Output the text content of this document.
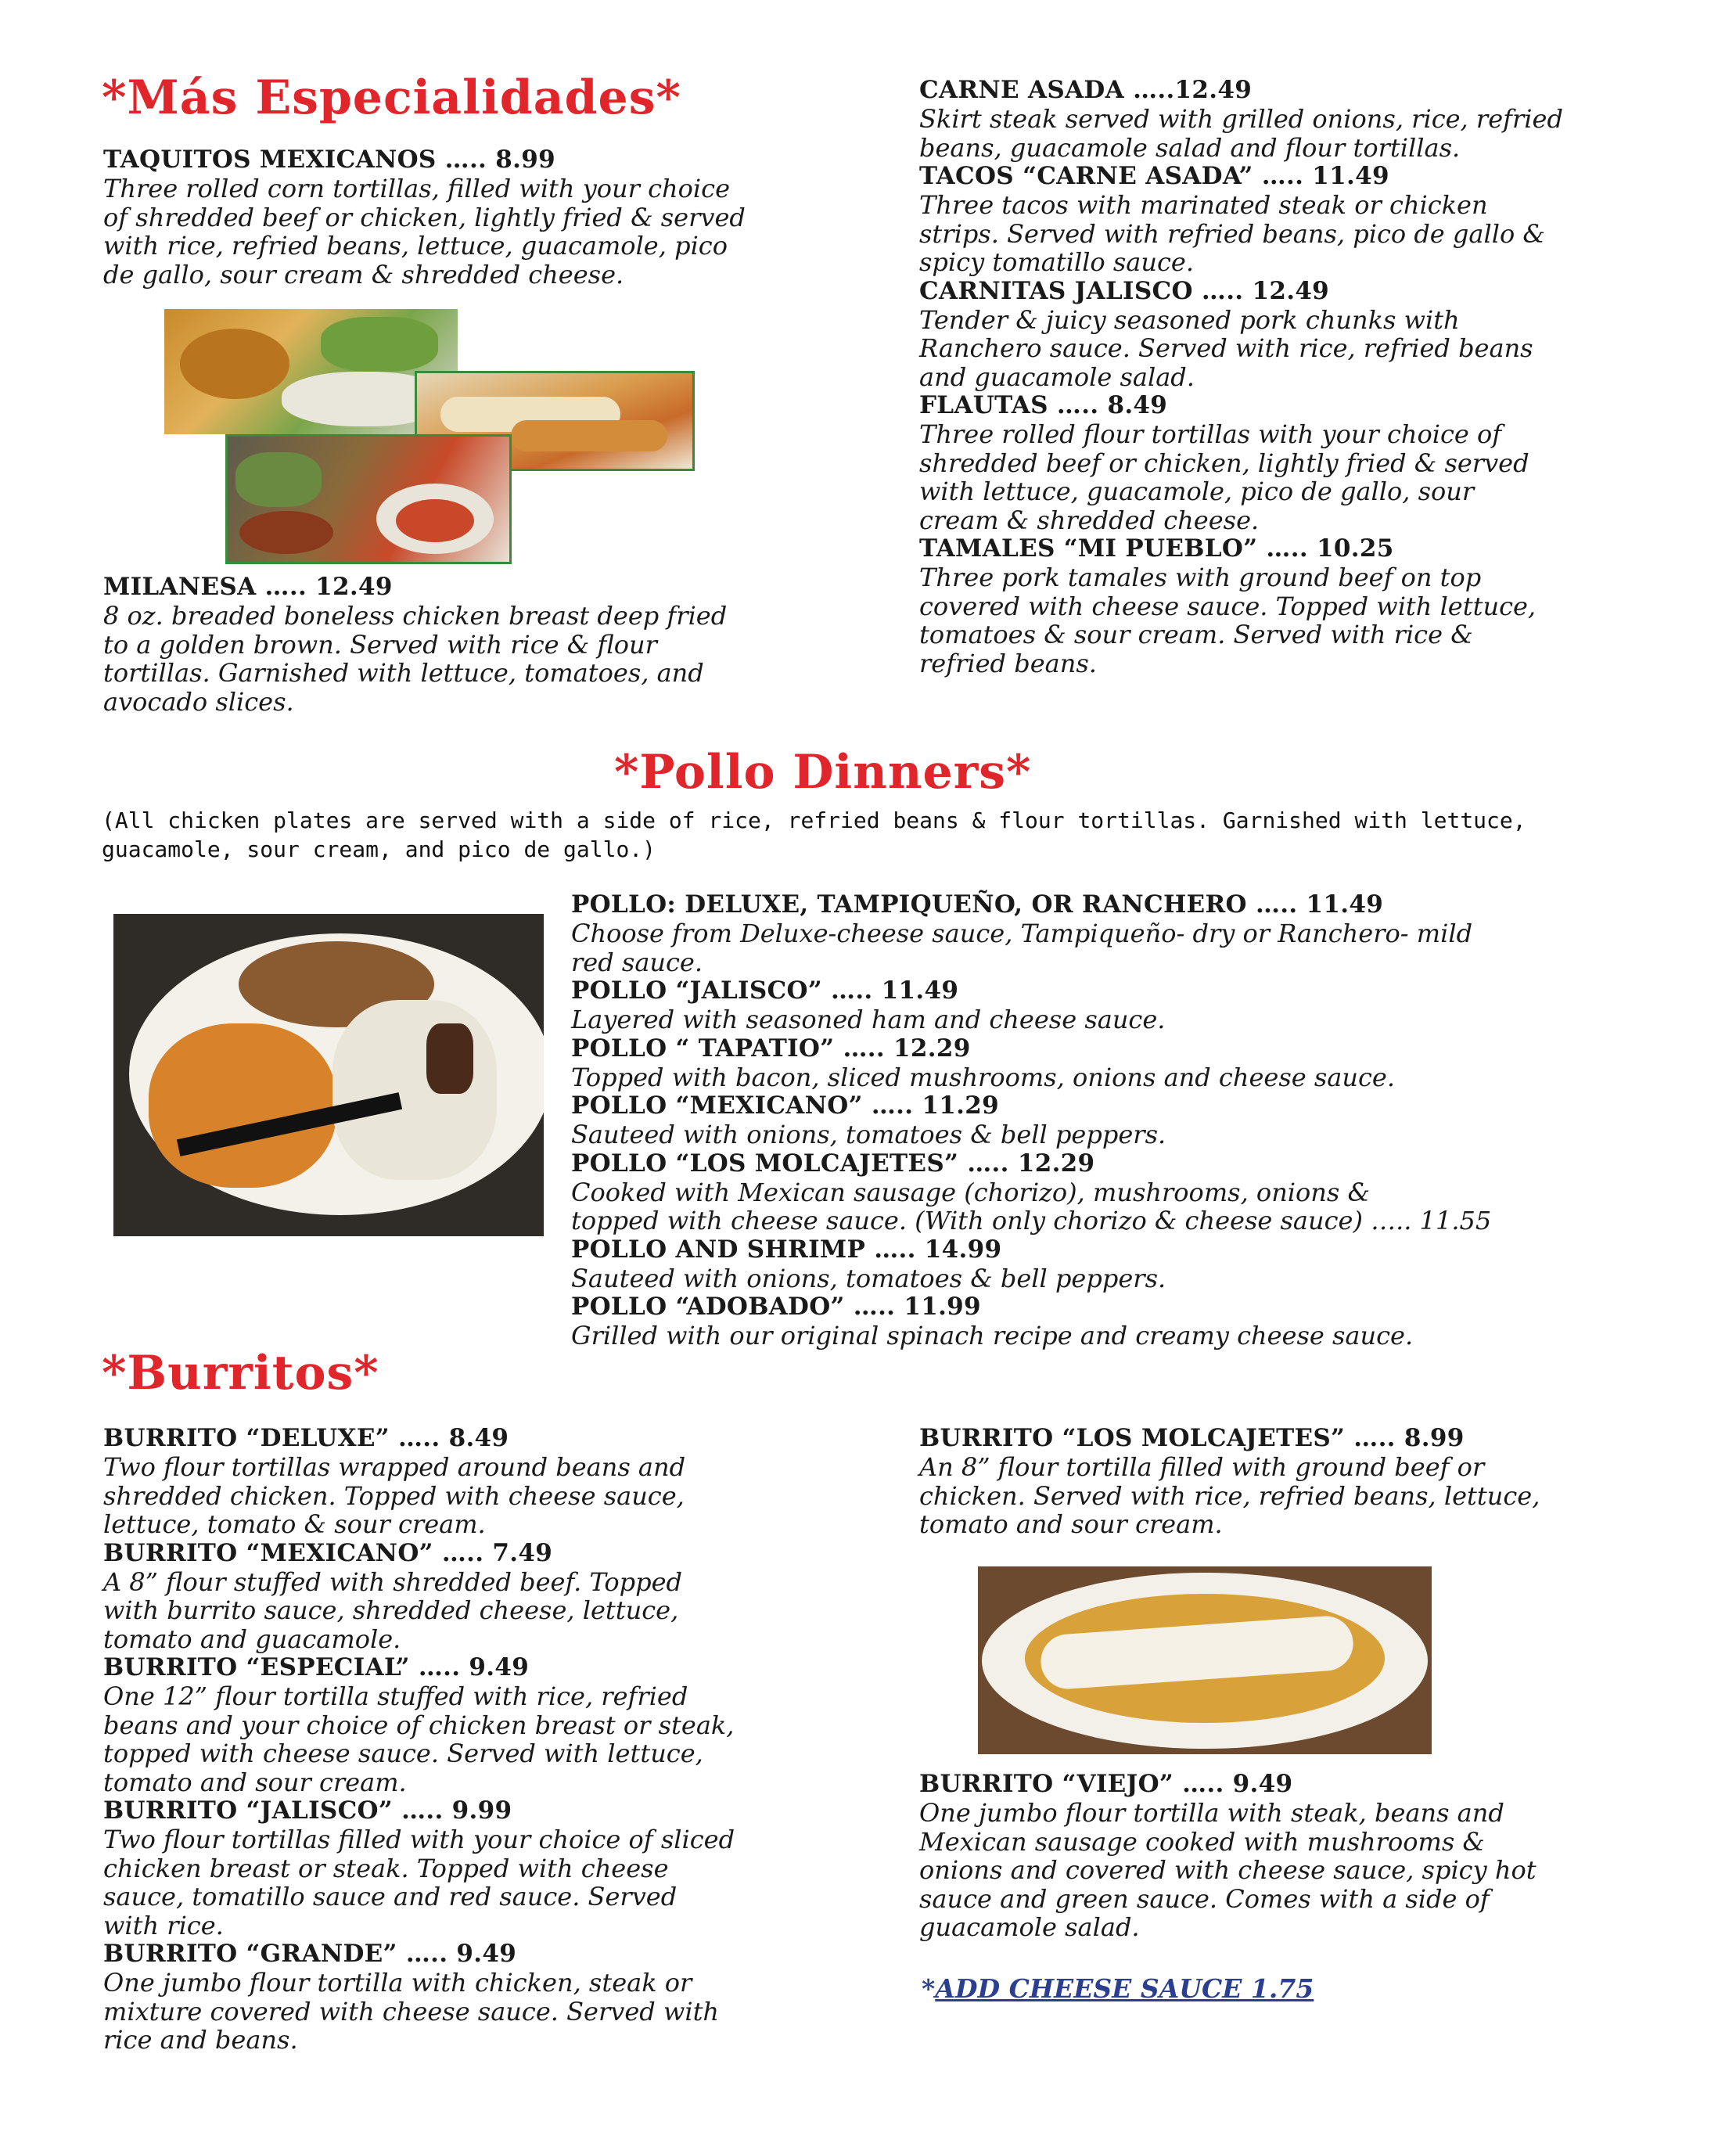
*Más Especialidades*
*Pollo Dinners*
*Burritos*
TAQUITOS MEXICANOS ….. 8.99
Three rolled corn tortillas, filled with your choice
of shredded beef or chicken, lightly fried & served
with rice, refried beans, lettuce, guacamole, pico
de gallo, sour cream & shredded cheese.
MILANESA ….. 12.49
8 oz. breaded boneless chicken breast deep fried
to a golden brown. Served with rice & flour
tortillas. Garnished with lettuce, tomatoes, and
avocado slices.
CARNE ASADA …..12.49
Skirt steak served with grilled onions, rice, refried
beans, guacamole salad and flour tortillas.
TACOS “CARNE ASADA” ….. 11.49
Three tacos with marinated steak or chicken
strips. Served with refried beans, pico de gallo &
spicy tomatillo sauce.
CARNITAS JALISCO ….. 12.49
Tender & juicy seasoned pork chunks with
Ranchero sauce. Served with rice, refried beans
and guacamole salad.
FLAUTAS ….. 8.49
Three rolled flour tortillas with your choice of
shredded beef or chicken, lightly fried & served
with lettuce, guacamole, pico de gallo, sour
cream & shredded cheese.
TAMALES “MI PUEBLO” ….. 10.25
Three pork tamales with ground beef on top
covered with cheese sauce. Topped with lettuce,
tomatoes & sour cream. Served with rice &
refried beans.
(All chicken plates are served with a side of rice, refried beans & flour tortillas. Garnished with lettuce,
guacamole, sour cream, and pico de gallo.)
POLLO: DELUXE, TAMPIQUEÑO, OR RANCHERO ….. 11.49
Choose from Deluxe-cheese sauce, Tampiqueño- dry or Ranchero- mild
red sauce.
POLLO “JALISCO” ….. 11.49
Layered with seasoned ham and cheese sauce.
POLLO “ TAPATIO” ….. 12.29
Topped with bacon, sliced mushrooms, onions and cheese sauce.
POLLO “MEXICANO” ….. 11.29
Sauteed with onions, tomatoes & bell peppers.
POLLO “LOS MOLCAJETES” ….. 12.29
Cooked with Mexican sausage (chorizo), mushrooms, onions &
topped with cheese sauce. (With only chorizo & cheese sauce) ….. 11.55
POLLO AND SHRIMP ….. 14.99
Sauteed with onions, tomatoes & bell peppers.
POLLO “ADOBADO” ….. 11.99
Grilled with our original spinach recipe and creamy cheese sauce.
BURRITO “DELUXE” ….. 8.49
Two flour tortillas wrapped around beans and
shredded chicken. Topped with cheese sauce,
lettuce, tomato & sour cream.
BURRITO “MEXICANO” ….. 7.49
A 8” flour stuffed with shredded beef. Topped
with burrito sauce, shredded cheese, lettuce,
tomato and guacamole.
BURRITO “ESPECIAL” ….. 9.49
One 12” flour tortilla stuffed with rice, refried
beans and your choice of chicken breast or steak,
topped with cheese sauce. Served with lettuce,
tomato and sour cream.
BURRITO “JALISCO” ….. 9.99
Two flour tortillas filled with your choice of sliced
chicken breast or steak. Topped with cheese
sauce, tomatillo sauce and red sauce. Served
with rice.
BURRITO “GRANDE” ….. 9.49
One jumbo flour tortilla with chicken, steak or
mixture covered with cheese sauce. Served with
rice and beans.
BURRITO “LOS MOLCAJETES” ….. 8.99
An 8” flour tortilla filled with ground beef or
chicken. Served with rice, refried beans, lettuce,
tomato and sour cream.
BURRITO “VIEJO” ….. 9.49
One jumbo flour tortilla with steak, beans and
Mexican sausage cooked with mushrooms &
onions and covered with cheese sauce, spicy hot
sauce and green sauce. Comes with a side of
guacamole salad.
*ADD CHEESE SAUCE 1.75
